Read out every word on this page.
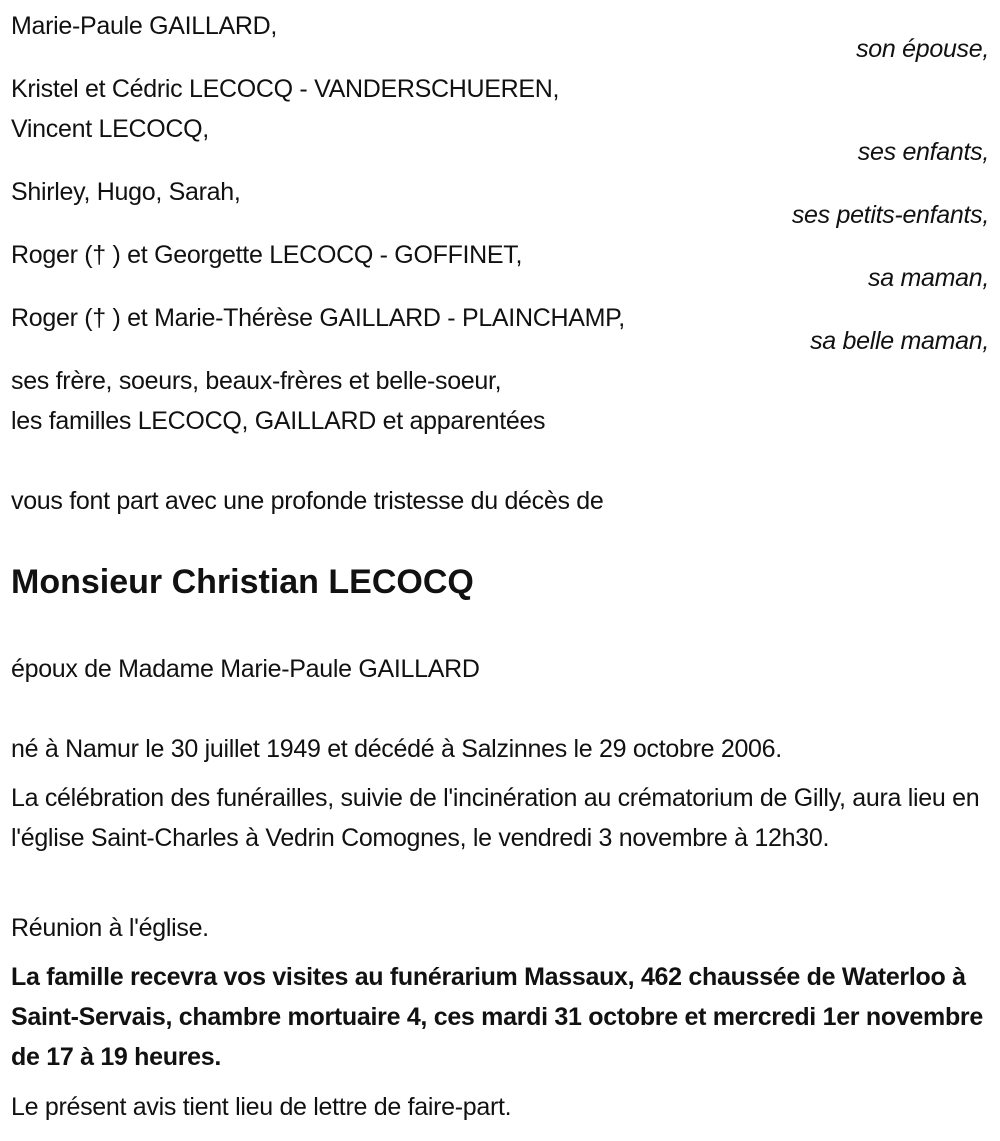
Marie-Paule GAILLARD,
son épouse,
Kristel et Cédric LECOCQ - VANDERSCHUEREN,
Vincent LECOCQ,
ses enfants,
Shirley, Hugo, Sarah,
ses petits-enfants,
Roger († ) et Georgette LECOCQ - GOFFINET,
sa maman,
Roger († ) et Marie-Thérèse GAILLARD - PLAINCHAMP,
sa belle maman,
ses frère, soeurs, beaux-frères et belle-soeur,
les familles LECOCQ, GAILLARD et apparentées
vous font part avec une profonde tristesse du décès de
Monsieur Christian LECOCQ
époux de Madame Marie-Paule GAILLARD
né à Namur le 30 juillet 1949 et décédé à Salzinnes le 29 octobre 2006.
La célébration des funérailles, suivie de l'incinération au crématorium de Gilly, aura lieu en l'église Saint-Charles à Vedrin Comognes, le vendredi 3 novembre à 12h30.
Réunion à l'église.
La famille recevra vos visites au funérarium Massaux, 462 chaussée de Waterloo à Saint-Servais, chambre mortuaire 4, ces mardi 31 octobre et mercredi 1er novembre de 17 à 19 heures.
Le présent avis tient lieu de lettre de faire-part.
